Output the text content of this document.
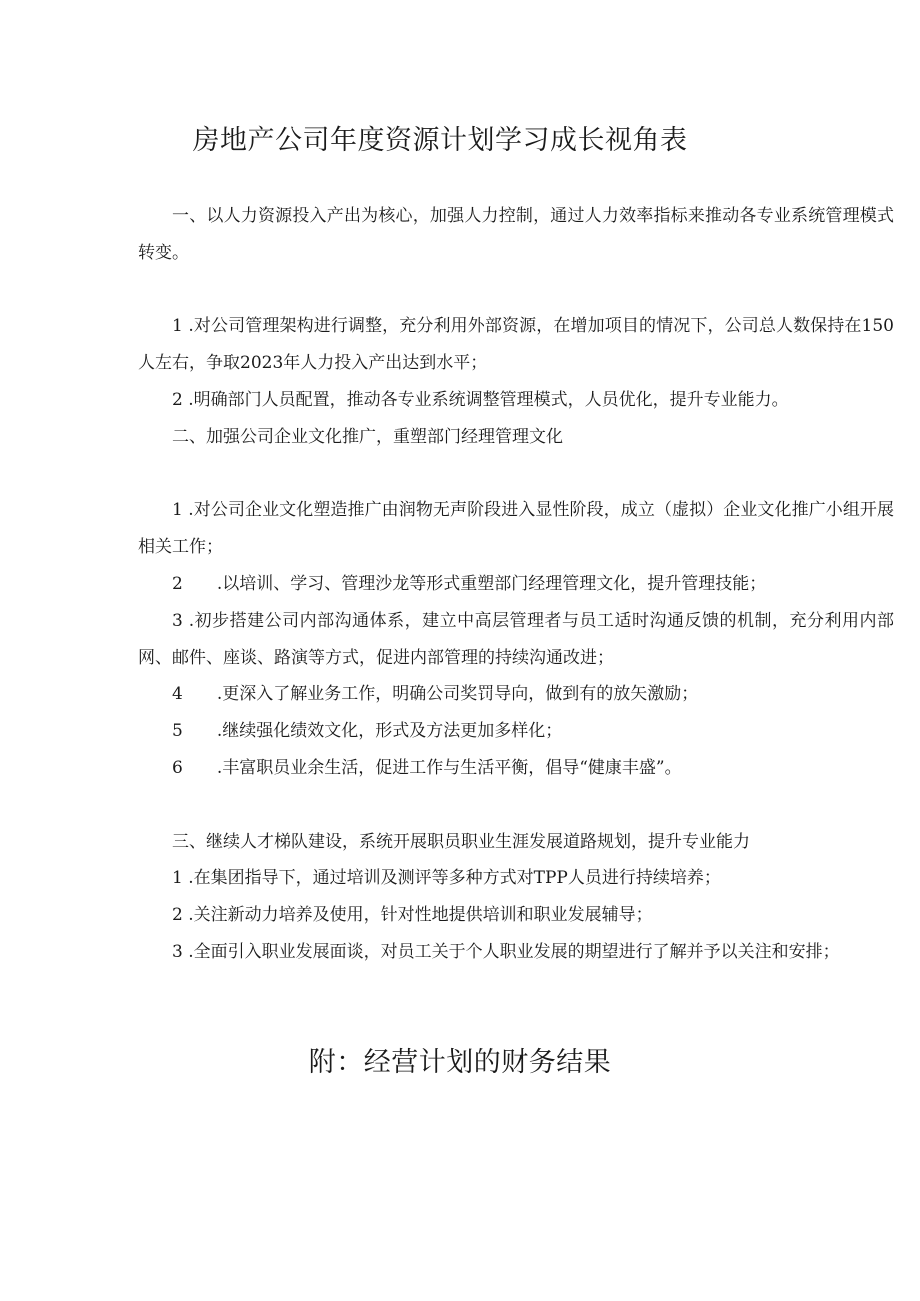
房地产公司年度资源计划学习成长视角表

一、以人力资源投入产出为核心，加强人力控制，通过人力效率指标来推动各专业系统管理模式转变。

1 .对公司管理架构进行调整，充分利用外部资源，在增加项目的情况下，公司总人数保持在150人左右，争取2023年人力投入产出达到水平；

2 .明确部门人员配置，推动各专业系统调整管理模式，人员优化，提升专业能力。

二、加强公司企业文化推广，重塑部门经理管理文化

1 .对公司企业文化塑造推广由润物无声阶段进入显性阶段，成立（虚拟）企业文化推广小组开展相关工作；

2　　.以培训、学习、管理沙龙等形式重塑部门经理管理文化，提升管理技能；

3 .初步搭建公司内部沟通体系，建立中高层管理者与员工适时沟通反馈的机制，充分利用内部网、邮件、座谈、路演等方式，促进内部管理的持续沟通改进；

4　　.更深入了解业务工作，明确公司奖罚导向，做到有的放矢激励；

5　　.继续强化绩效文化，形式及方法更加多样化；

6　　.丰富职员业余生活，促进工作与生活平衡，倡导“健康丰盛”。

三、继续人才梯队建设，系统开展职员职业生涯发展道路规划，提升专业能力

1 .在集团指导下，通过培训及测评等多种方式对TPP人员进行持续培养；

2 .关注新动力培养及使用，针对性地提供培训和职业发展辅导；

3 .全面引入职业发展面谈，对员工关于个人职业发展的期望进行了解并予以关注和安排；

附：经营计划的财务结果
